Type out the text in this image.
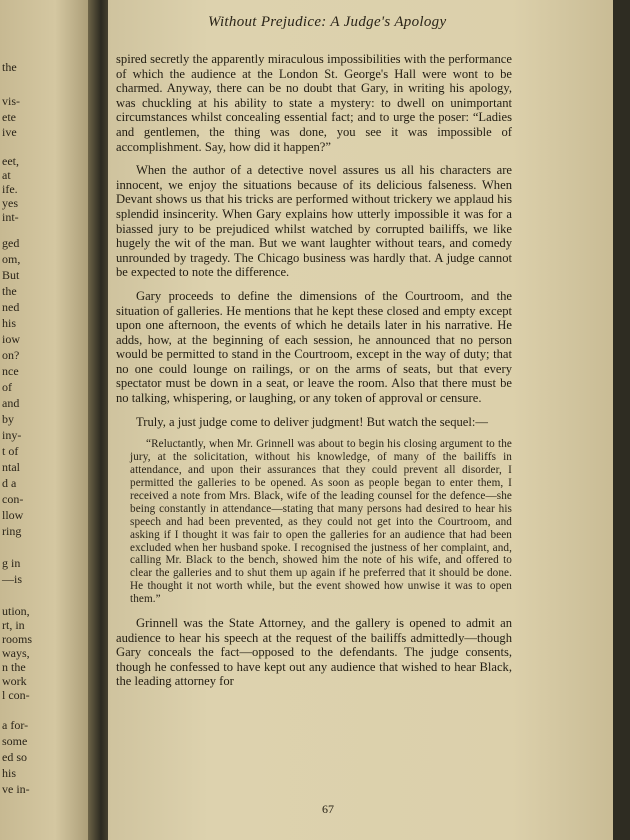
the
vis-
ete
ive
eet,
at
ife.
yes
int-
ged
om,
But
the
ned
his
iow
on?
nce
of
and
by
iny-
t of
ntal
d a
con-
llow
ring
g in
—is
ution,
rt, in
rooms
ways,
n the
work
l con-
a for-
some
ed so
his
ve in-
Without Prejudice: A Judge's Apology

spired secretly the apparently miraculous impossibilities with the performance of which the audience at the London St. George's Hall were wont to be charmed. Anyway, there can be no doubt that Gary, in writing his apology, was chuckling at his ability to state a mystery: to dwell on unimportant circumstances whilst concealing essential fact; and to urge the poser: “Ladies and gentlemen, the thing was done, you see it was impossible of accomplishment. Say, how did it happen?”

When the author of a detective novel assures us all his characters are innocent, we enjoy the situations because of its delicious falseness. When Devant shows us that his tricks are performed without trickery we applaud his splendid insincerity. When Gary explains how utterly impossible it was for a biassed jury to be prejudiced whilst watched by corrupted bailiffs, we like hugely the wit of the man. But we want laughter without tears, and comedy unrounded by tragedy. The Chicago business was hardly that. A judge cannot be expected to note the difference.

Gary proceeds to define the dimensions of the Courtroom, and the situation of galleries. He mentions that he kept these closed and empty except upon one afternoon, the events of which he details later in his narrative. He adds, how, at the beginning of each session, he announced that no person would be permitted to stand in the Courtroom, except in the way of duty; that no one could lounge on railings, or on the arms of seats, but that every spectator must be down in a seat, or leave the room. Also that there must be no talking, whispering, or laughing, or any token of approval or censure.

Truly, a just judge come to deliver judgment! But watch the sequel:—

“Reluctantly, when Mr. Grinnell was about to begin his closing argument to the jury, at the solicitation, without his knowledge, of many of the bailiffs in attendance, and upon their assurances that they could prevent all disorder, I permitted the galleries to be opened. As soon as people began to enter them, I received a note from Mrs. Black, wife of the leading counsel for the defence—she being constantly in attendance—stating that many persons had desired to hear his speech and had been prevented, as they could not get into the Courtroom, and asking if I thought it was fair to open the galleries for an audience that had been excluded when her husband spoke. I recognised the justness of her complaint, and, calling Mr. Black to the bench, showed him the note of his wife, and offered to clear the galleries and to shut them up again if he preferred that it should be done. He thought it not worth while, but the event showed how unwise it was to open them.”

Grinnell was the State Attorney, and the gallery is opened to admit an audience to hear his speech at the request of the bailiffs admittedly—though Gary conceals the fact—opposed to the defendants. The judge consents, though he confessed to have kept out any audience that wished to hear Black, the leading attorney for

67
